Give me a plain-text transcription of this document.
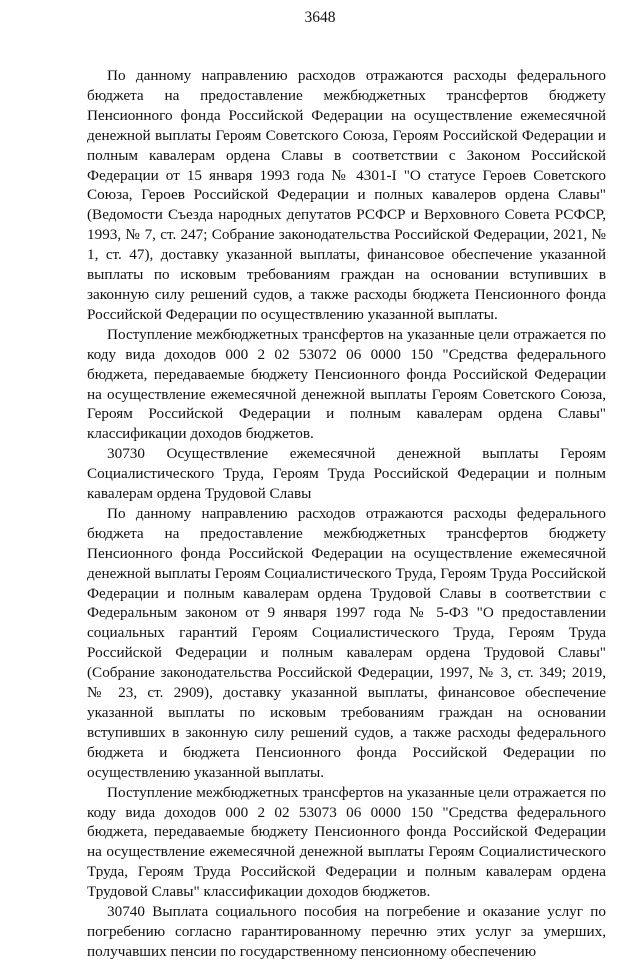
3648

По данному направлению расходов отражаются расходы федерального бюджета на предоставление межбюджетных трансфертов бюджету Пенсионного фонда Российской Федерации на осуществление ежемесячной денежной выплаты Героям Советского Союза, Героям Российской Федерации и полным кавалерам ордена Славы в соответствии с Законом Российской Федерации от 15 января 1993 года № 4301-I "О статусе Героев Советского Союза, Героев Российской Федерации и полных кавалеров ордена Славы" (Ведомости Съезда народных депутатов РСФСР и Верховного Совета РСФСР, 1993, № 7, ст. 247; Собрание законодательства Российской Федерации, 2021, № 1, ст. 47), доставку указанной выплаты, финансовое обеспечение указанной выплаты по исковым требованиям граждан на основании вступивших в законную силу решений судов, а также расходы бюджета Пенсионного фонда Российской Федерации по осуществлению указанной выплаты.

Поступление межбюджетных трансфертов на указанные цели отражается по коду вида доходов 000 2 02 53072 06 0000 150 "Средства федерального бюджета, передаваемые бюджету Пенсионного фонда Российской Федерации на осуществление ежемесячной денежной выплаты Героям Советского Союза, Героям Российской Федерации и полным кавалерам ордена Славы" классификации доходов бюджетов.

30730 Осуществление ежемесячной денежной выплаты Героям Социалистического Труда, Героям Труда Российской Федерации и полным кавалерам ордена Трудовой Славы

По данному направлению расходов отражаются расходы федерального бюджета на предоставление межбюджетных трансфертов бюджету Пенсионного фонда Российской Федерации на осуществление ежемесячной денежной выплаты Героям Социалистического Труда, Героям Труда Российской Федерации и полным кавалерам ордена Трудовой Славы в соответствии с Федеральным законом от 9 января 1997 года № 5-ФЗ "О предоставлении социальных гарантий Героям Социалистического Труда, Героям Труда Российской Федерации и полным кавалерам ордена Трудовой Славы" (Собрание законодательства Российской Федерации, 1997, № 3, ст. 349; 2019, № 23, ст. 2909), доставку указанной выплаты, финансовое обеспечение указанной выплаты по исковым требованиям граждан на основании вступивших в законную силу решений судов, а также расходы федерального бюджета и бюджета Пенсионного фонда Российской Федерации по осуществлению указанной выплаты.

Поступление межбюджетных трансфертов на указанные цели отражается по коду вида доходов 000 2 02 53073 06 0000 150 "Средства федерального бюджета, передаваемые бюджету Пенсионного фонда Российской Федерации на осуществление ежемесячной денежной выплаты Героям Социалистического Труда, Героям Труда Российской Федерации и полным кавалерам ордена Трудовой Славы" классификации доходов бюджетов.

30740 Выплата социального пособия на погребение и оказание услуг по погребению согласно гарантированному перечню этих услуг за умерших, получавших пенсии по государственному пенсионному обеспечению
